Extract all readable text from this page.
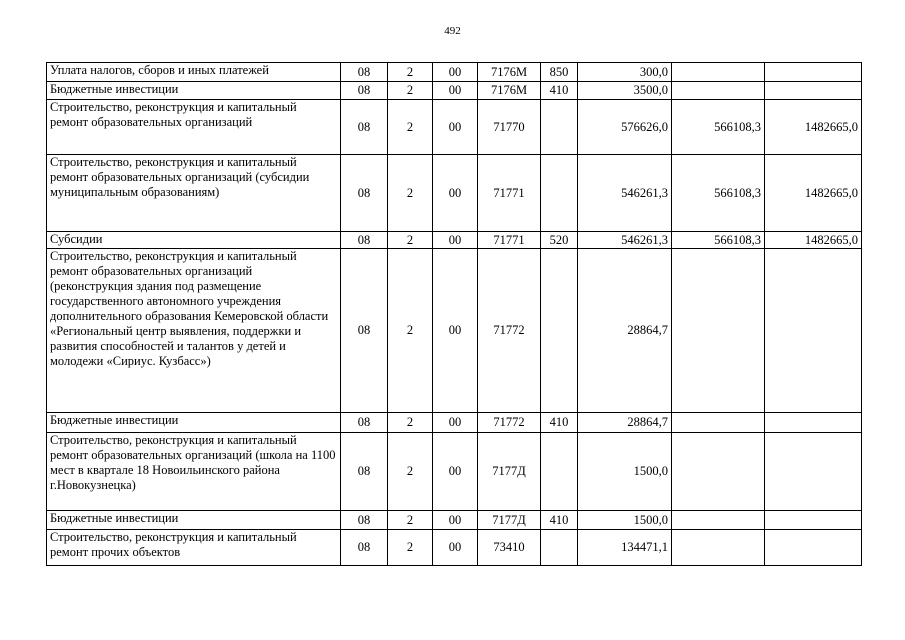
492
Уплата налогов, сборов и иных платежей	08	2	00	7176М	850	300,0		
Бюджетные инвестиции	08	2	00	7176М	410	3500,0		
Строительство, реконструкция и капитальный ремонт образовательных организаций	08	2	00	71770		576626,0	566108,3	1482665,0
Строительство, реконструкция и капитальный ремонт образовательных организаций (субсидии муниципальным образованиям)	08	2	00	71771		546261,3	566108,3	1482665,0
Субсидии	08	2	00	71771	520	546261,3	566108,3	1482665,0
Строительство, реконструкция и капитальный ремонт образовательных организаций (реконструкция здания под размещение государственного автономного учреждения дополнительного образования Кемеровской области «Региональный центр выявления, поддержки и развития способностей и талантов у детей и молодежи «Сириус. Кузбасс»)	08	2	00	71772		28864,7		
Бюджетные инвестиции	08	2	00	71772	410	28864,7		
Строительство, реконструкция и капитальный ремонт образовательных организаций (школа на 1100 мест в квартале 18 Новоильинского района г.Новокузнецка)	08	2	00	7177Д		1500,0		
Бюджетные инвестиции	08	2	00	7177Д	410	1500,0		
Строительство, реконструкция и капитальный ремонт прочих объектов	08	2	00	73410		134471,1		
